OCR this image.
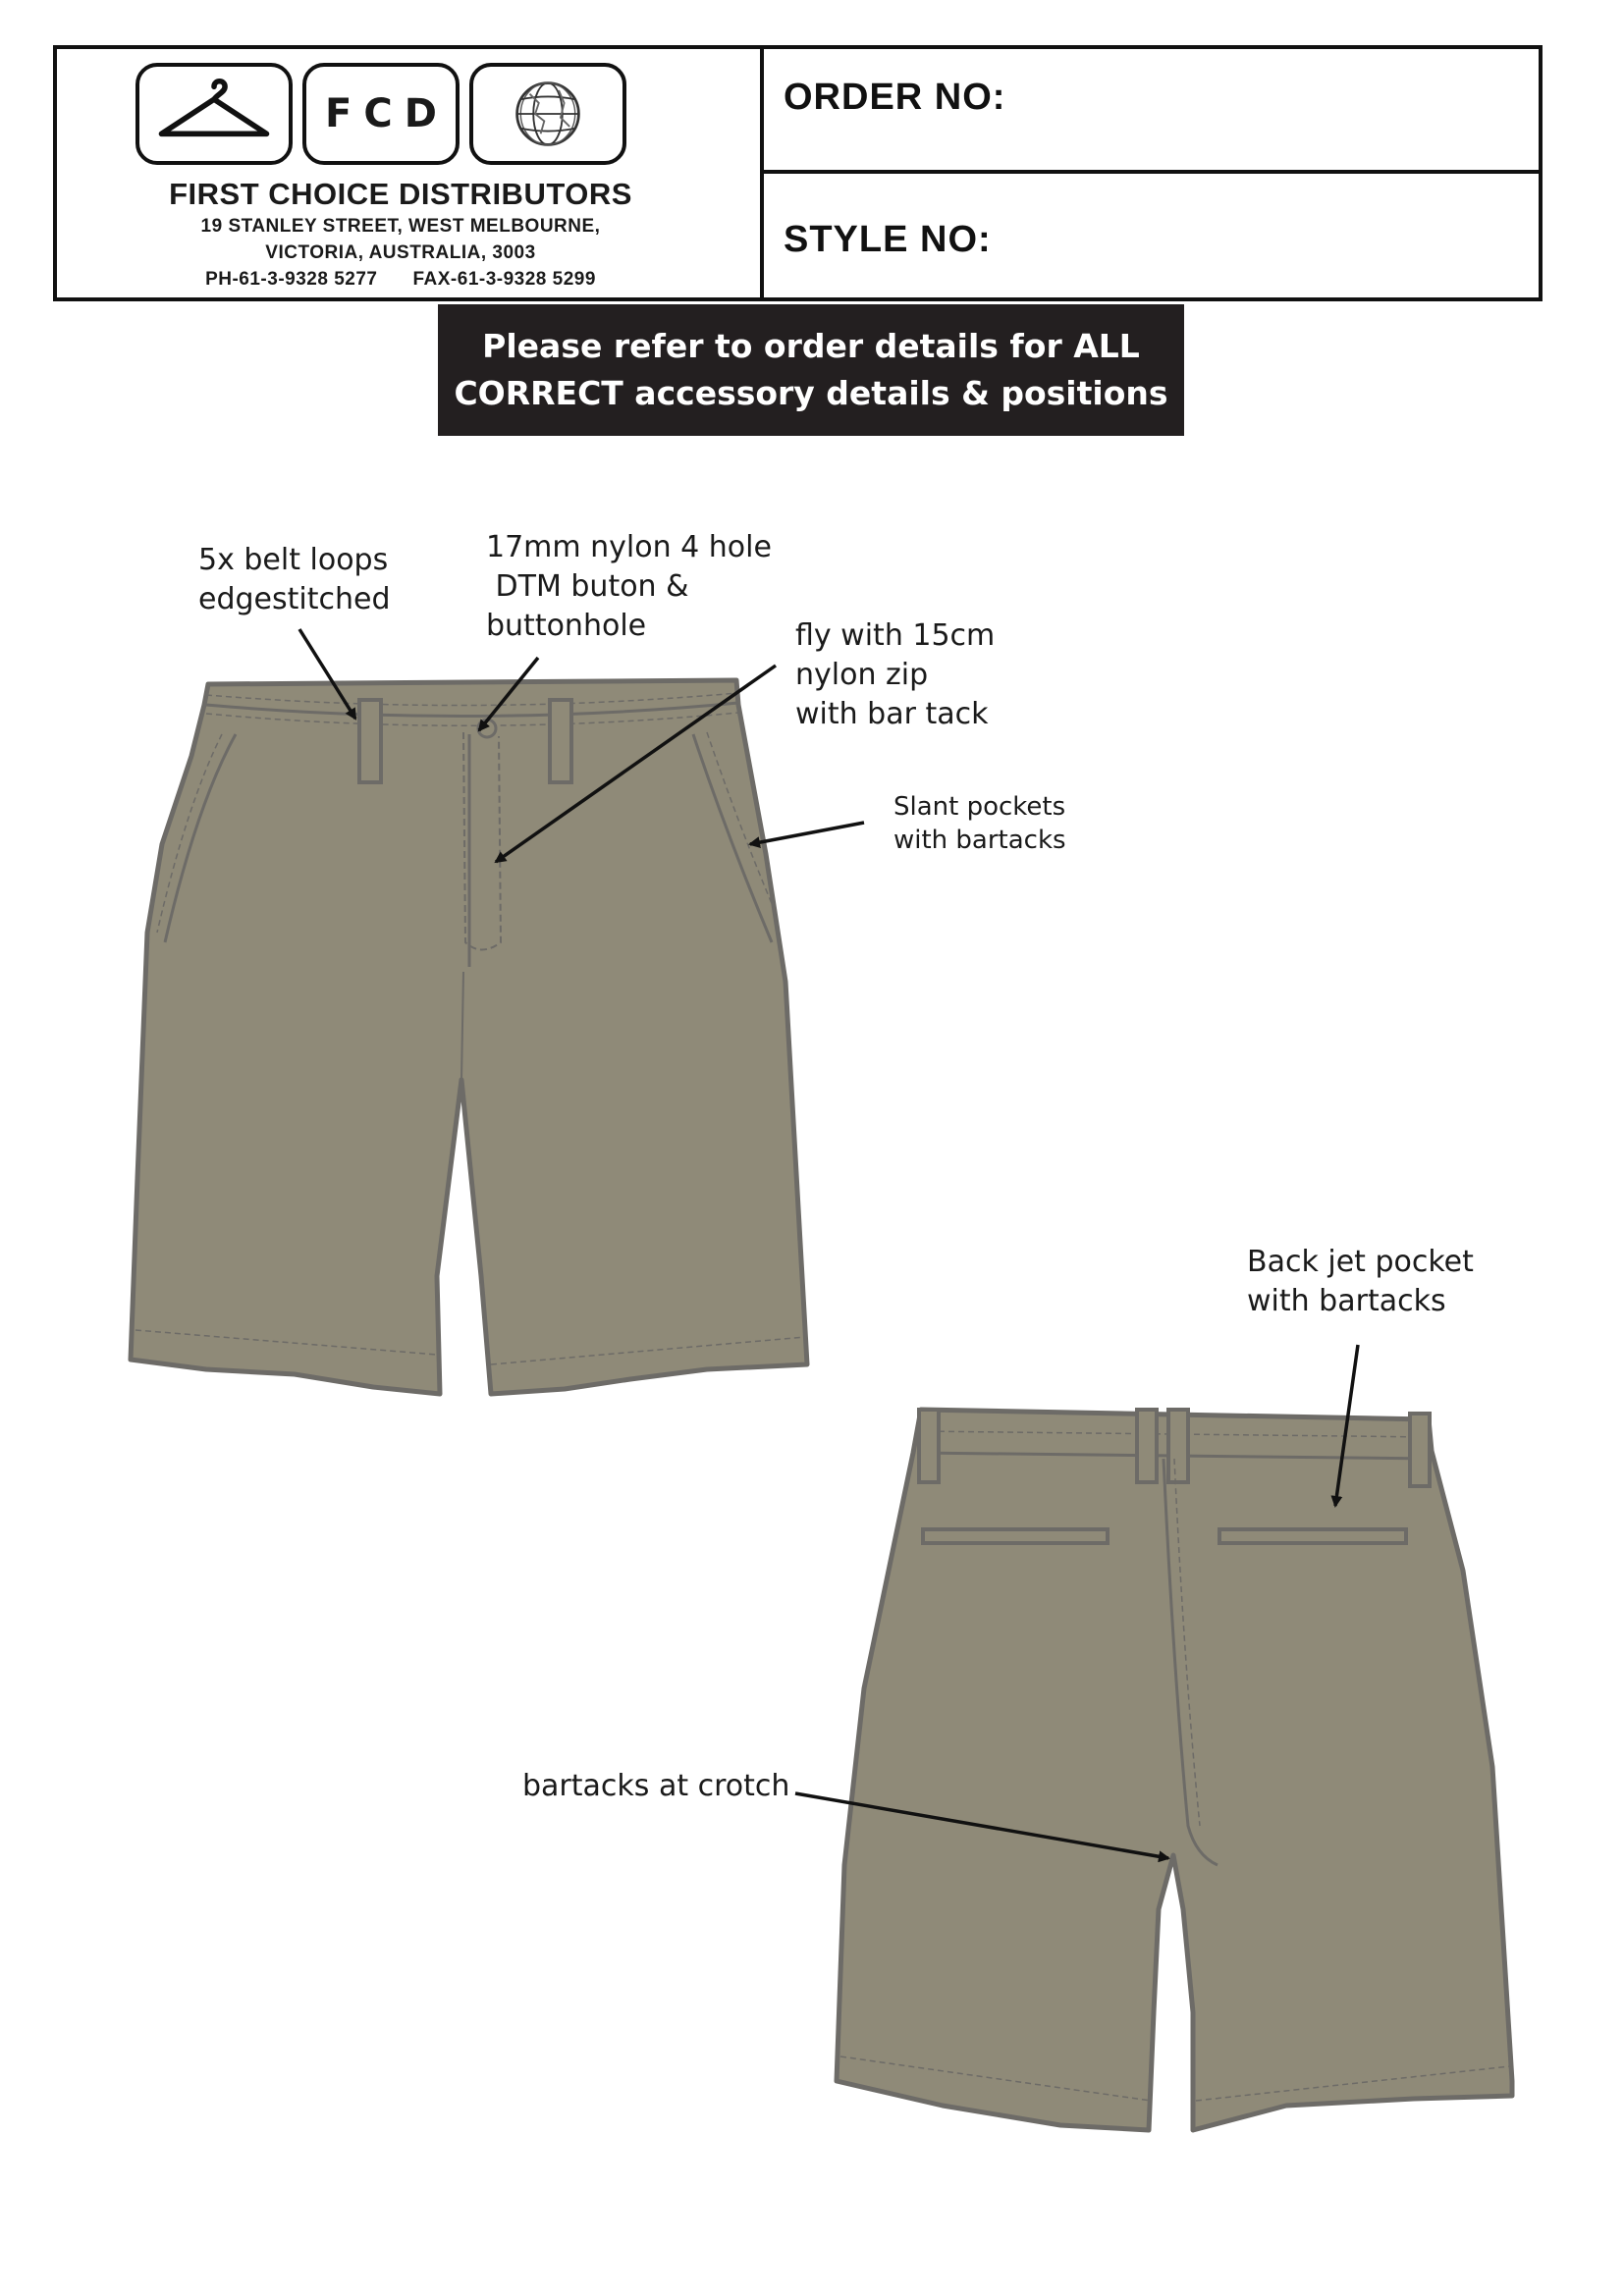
FCD
FIRST CHOICE DISTRIBUTORS
19 STANLEY STREET, WEST MELBOURNE,
VICTORIA, AUSTRALIA, 3003
PH-61-3-9328 5277 FAX-61-3-9328 5299
ORDER NO:
STYLE NO:
Please refer to order details for ALL
CORRECT accessory details & positions
5x belt loops
edgestitched
17mm nylon 4 hole
DTM buton &
buttonhole	fly with 15cm
nylon zip
with bar tack
Slant pockets
with bartacks
Back jet pocket
with bartacks
bartacks at crotch
